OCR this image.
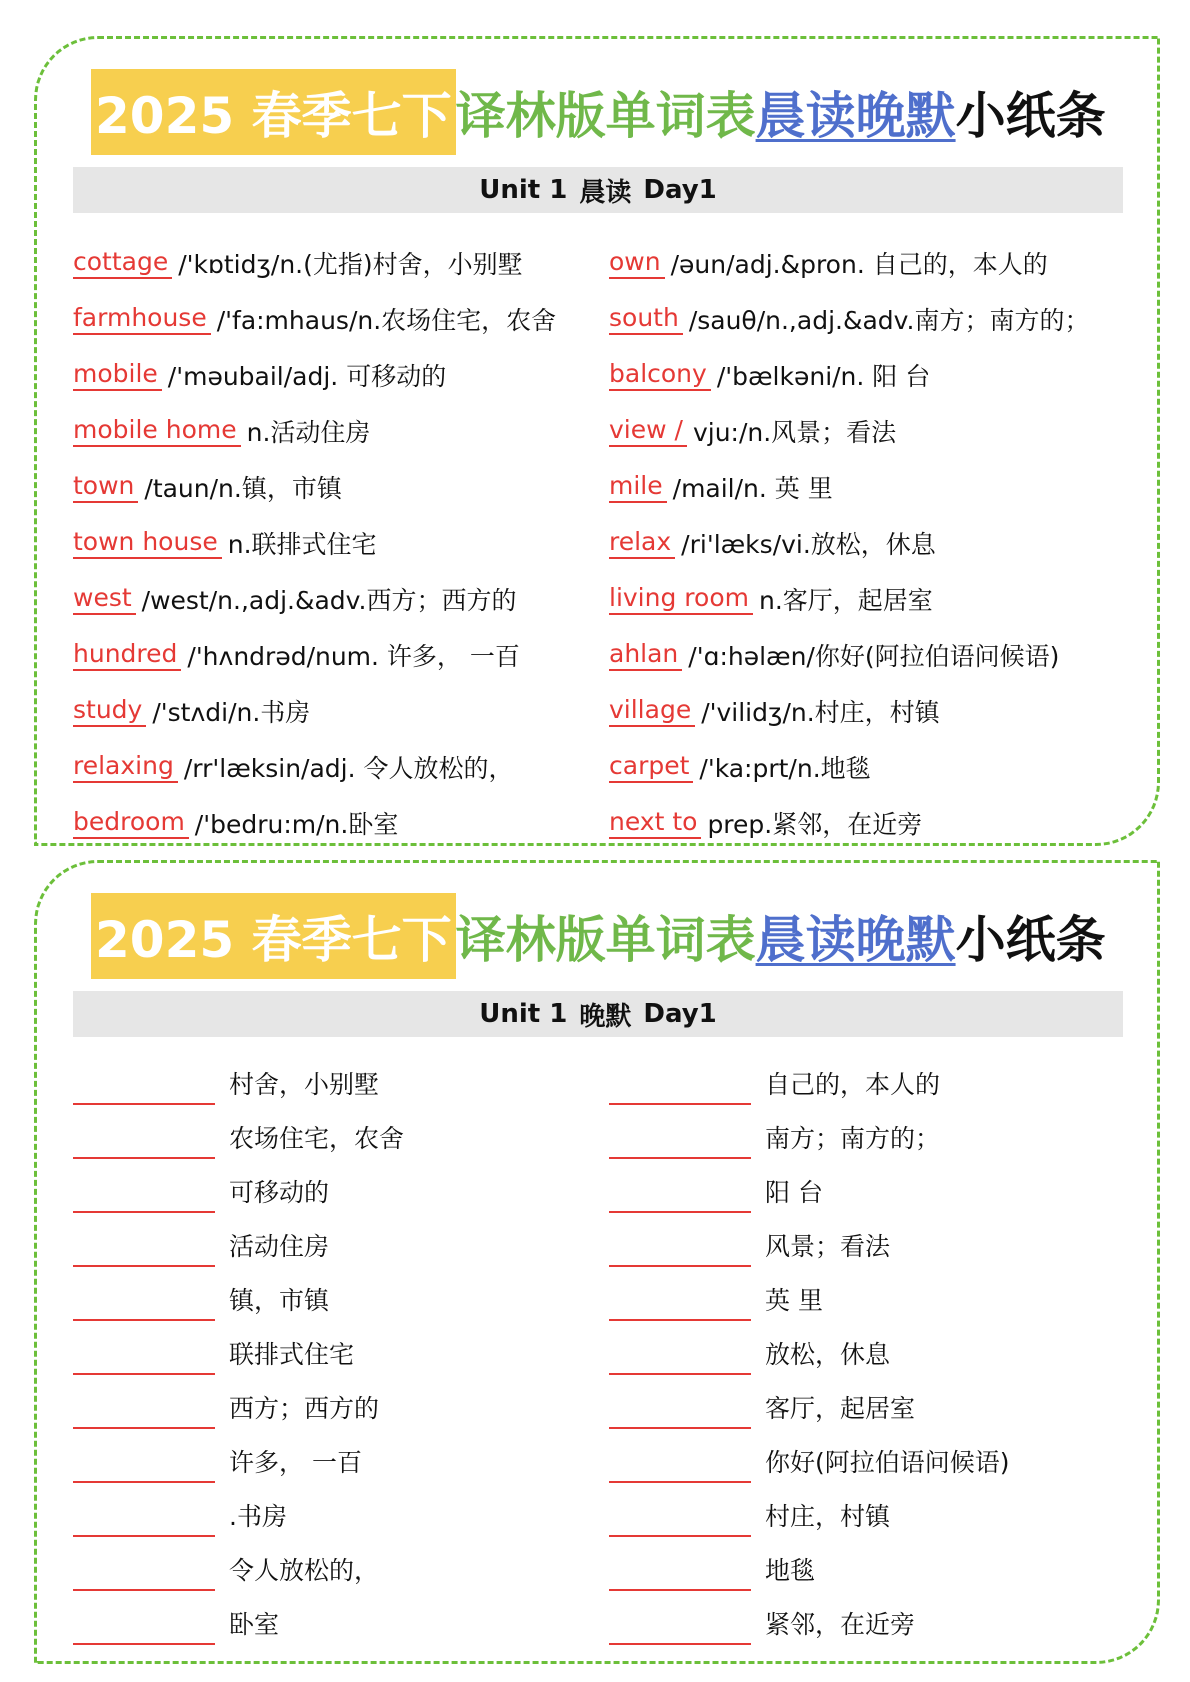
2025 春季七下 译林版单词表 晨读晚默 小纸条
Unit 1 晨读 Day1
cottage /'kɒtidʒ/n.(尤指)村舍，小别墅
farmhouse /'fa:mhaus/n.农场住宅，农舍
mobile /'məubail/adj. 可移动的
mobile home n.活动住房
town /taun/n.镇，市镇
town house n.联排式住宅
west /west/n.,adj.&adv.西方；西方的
hundred /'hʌndrəd/num. 许多， 一百
study /'stʌdi/n.书房
relaxing /rr'læksin/adj. 令人放松的，
bedroom /'bedru:m/n.卧室
own /əun/adj.&pron. 自己的，本人的
south /sauθ/n.,adj.&adv.南方；南方的；
balcony /'bælkəni/n. 阳 台
view / vju:/n.风景；看法
mile /mail/n. 英 里
relax /ri'læks/vi.放松，休息
living room n.客厅，起居室
ahlan /'ɑ:həlæn/你好(阿拉伯语问候语)
village /'vilidʒ/n.村庄，村镇
carpet /'ka:prt/n.地毯
next to prep.紧邻，在近旁
2025 春季七下 译林版单词表 晨读晚默 小纸条
Unit 1 晚默 Day1
村舍，小别墅
农场住宅，农舍
可移动的
活动住房
镇，市镇
联排式住宅
西方；西方的
许多， 一百
.书房
令人放松的，
卧室
自己的，本人的
南方；南方的；
阳 台
风景；看法
英 里
放松，休息
客厅，起居室
你好(阿拉伯语问候语)
村庄，村镇
地毯
紧邻，在近旁
